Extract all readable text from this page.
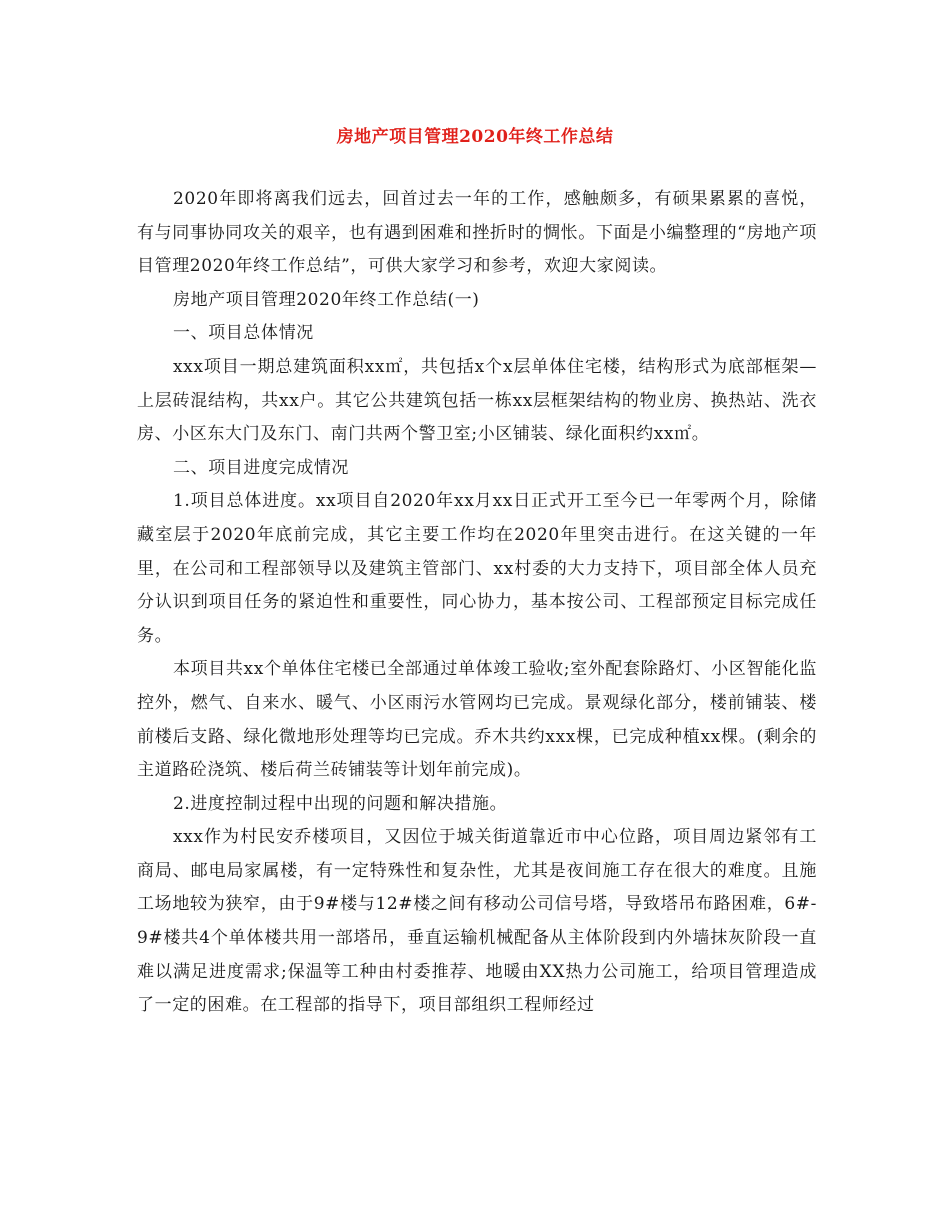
房地产项目管理2020年终工作总结

2020年即将离我们远去，回首过去一年的工作，感触颇多，有硕果累累的喜悦，有与同事协同攻关的艰辛，也有遇到困难和挫折时的惆怅。下面是小编整理的“房地产项目管理2020年终工作总结”，可供大家学习和参考，欢迎大家阅读。

房地产项目管理2020年终工作总结(一)

一、项目总体情况

xxx项目一期总建筑面积xx㎡，共包括x个x层单体住宅楼，结构形式为底部框架—上层砖混结构，共xx户。其它公共建筑包括一栋xx层框架结构的物业房、换热站、洗衣房、小区东大门及东门、南门共两个警卫室;小区铺装、绿化面积约xx㎡。

二、项目进度完成情况

1.项目总体进度。xx项目自2020年xx月xx日正式开工至今已一年零两个月，除储藏室层于2020年底前完成，其它主要工作均在2020年里突击进行。在这关键的一年里，在公司和工程部领导以及建筑主管部门、xx村委的大力支持下，项目部全体人员充分认识到项目任务的紧迫性和重要性，同心协力，基本按公司、工程部预定目标完成任务。

本项目共xx个单体住宅楼已全部通过单体竣工验收;室外配套除路灯、小区智能化监控外，燃气、自来水、暖气、小区雨污水管网均已完成。景观绿化部分，楼前铺装、楼前楼后支路、绿化微地形处理等均已完成。乔木共约xxx棵，已完成种植xx棵。(剩余的主道路砼浇筑、楼后荷兰砖铺装等计划年前完成)。

2.进度控制过程中出现的问题和解决措施。

xxx作为村民安乔楼项目，又因位于城关街道靠近市中心位路，项目周边紧邻有工商局、邮电局家属楼，有一定特殊性和复杂性，尤其是夜间施工存在很大的难度。且施工场地较为狭窄，由于9#楼与12#楼之间有移动公司信号塔，导致塔吊布路困难，6#-9#楼共4个单体楼共用一部塔吊，垂直运输机械配备从主体阶段到内外墙抹灰阶段一直难以满足进度需求;保温等工种由村委推荐、地暖由XX热力公司施工，给项目管理造成了一定的困难。在工程部的指导下，项目部组织工程师经过
